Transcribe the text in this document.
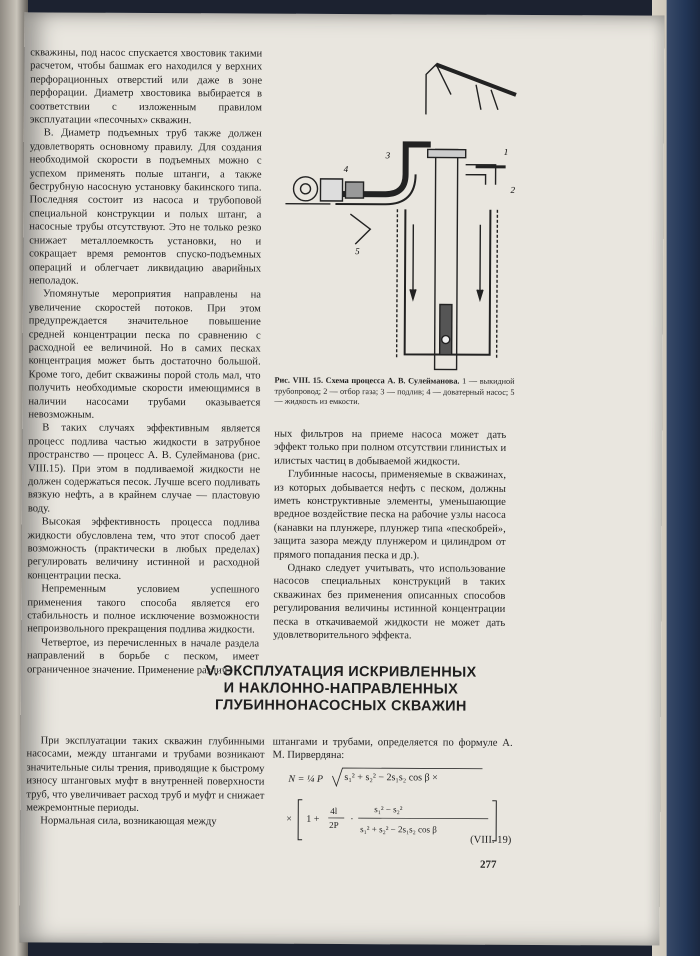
скважины, под насос спускается хвостовик такими расчетом, чтобы башмак его находился у верхних перфорационных отверстий или даже в зоне перфорации. Диаметр хвостовика выбирается в соответствии с изложенным правилом эксплуатации «песочных» скважин.

В. Диаметр подъемных труб также должен удовлетворять основному правилу. Для создания необходимой скорости в подъемных можно с успехом применять полые штанги, а также беструбную насосную установку бакинского типа. Последняя состоит из насоса и трубоповой специальной конструкции и полых штанг, а насосные трубы отсутствуют. Это не только резко снижает металлоемкость установки, но и сокращает время ремонтов спуско-подъемных операций и облегчает ликвидацию аварийных неполадок.

Упомянутые мероприятия направлены на увеличение скоростей потоков. При этом предупреждается значительное повышение средней концентрации песка по сравнению с расходной ее величиной. Но в самих песках концентрация может быть достаточно большой. Кроме того, дебит скважины порой столь мал, что получить необходимые скорости имеющимися в наличии насосами трубами оказывается невозможным.

В таких случаях эффективным является процесс подлива частью жидкости в затрубное пространство — процесс А. В. Сулейманова (рис. VIII.15). При этом в подливаемой жидкости не должен содержаться песок. Лучше всего подливать вязкую нефть, а в крайнем случае — пластовую воду.

Высокая эффективность процесса подлива жидкости обусловлена тем, что этот способ дает возможность (практически в любых пределах) регулировать величину истинной и расходной концентрации песка.

Непременным условием успешного применения такого способа является его стабильность и полное исключение возможности непроизвольного прекращения подлива жидкости.

Четвертое, из перечисленных в начале раздела направлений в борьбе с песком, имеет ограниченное значение. Применение различ-

1
2
3
4
5
Рис. VIII. 15. Схема процесса А. В. Сулейманова. 1 — выкидной трубопровод; 2 — отбор газа; 3 — подлив; 4 — доватерный насос; 5 — жидкость из емкости.

ных фильтров на приеме насоса может дать эффект только при полном отсутствии глинистых и илистых частиц в добываемой жидкости.

Глубинные насосы, применяемые в скважинах, из которых добывается нефть с песком, должны иметь конструктивные элементы, уменьшающие вредное воздействие песка на рабочие узлы насоса (канавки на плунжере, плунжер типа «пескобрей», защита зазора между плунжером и цилиндром от прямого попадания песка и др.).

Однако следует учитывать, что использование насосов специальных конструкций в таких скважинах без применения описанных способов регулирования величины истинной концентрации песка в откачиваемой жидкости не может дать удовлетворительного эффекта.

V. ЭКСПЛУАТАЦИЯ ИСКРИВЛЕННЫХ
И НАКЛОННО-НАПРАВЛЕННЫХ
ГЛУБИННОНАСОСНЫХ СКВАЖИН

При эксплуатации таких скважин глубинными насосами, между штангами и трубами возникают значительные силы трения, приводящие к быстрому износу штанговых муфт в внутренней поверхности труб, что увеличивает расход труб и муфт и снижает межремонтные периоды.

Нормальная сила, возникающая между

штангами и трубами, определяется по формуле А. М. Пирвердяна:

N = ¼ P s₁² + s₂² − 2s₁s₂ cos β ×
× 1 +
4l
2P ·
s₁² − s₂²
s₁² + s₂² − 2s₁s₂ cos β
(VIII. 19)
277
